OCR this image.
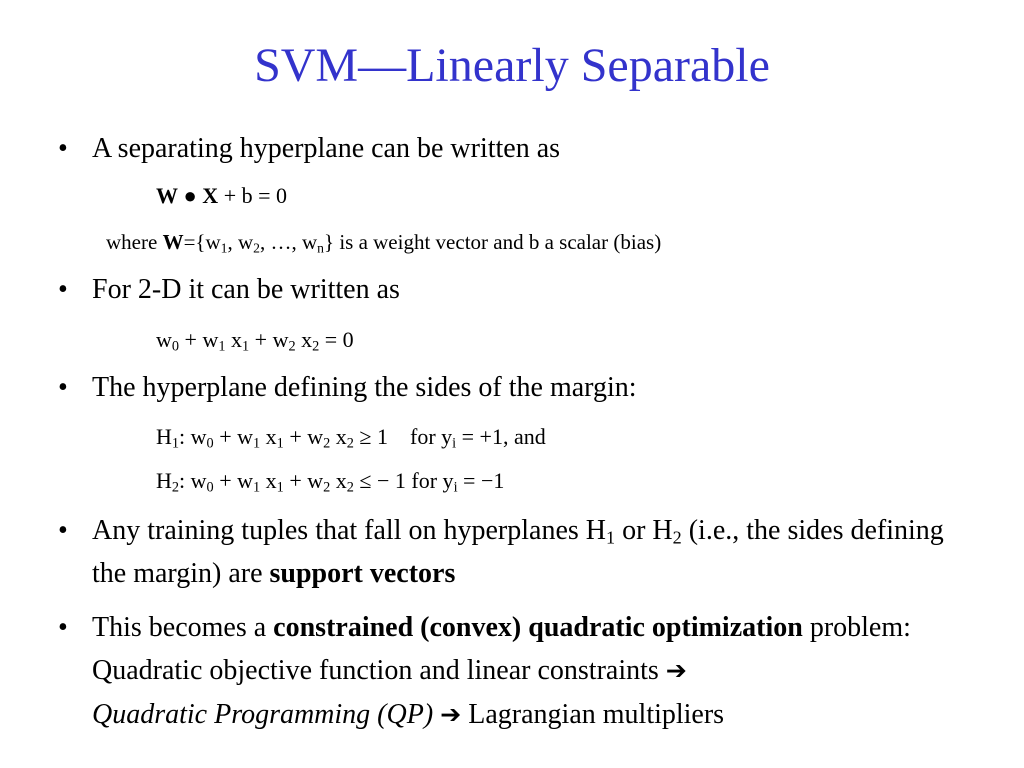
SVM—Linearly Separable
• A separating hyperplane can be written as
W ● X + b = 0
where $W=\{w_1$, $w_2$, …, $w_n$} is a weight vector and b a scalar (bias)
• For 2-D it can be written as
$w_0 + w_1$ $x_1 + w_2$ $x_2 = 0$
• The hyperplane defining the sides of the margin:
$H_1$: $w_0 + w_1$ $x_1 + w_2$ $x_2 \ge 1$    for $y_i = +1$, and
$H_2$: $w_0 + w_1$ $x_1 + w_2$ $x_2$ ≤ − 1 for $y_i = -1$
• Any training tuples that fall on hyperplanes $H_1$ or $H_2$ (i.e., the sides defining the margin) are support vectors
• This becomes a constrained (convex) quadratic optimization problem: Quadratic objective function and linear constraints ➔
Quadratic Programming (QP) ➔ Lagrangian multipliers
